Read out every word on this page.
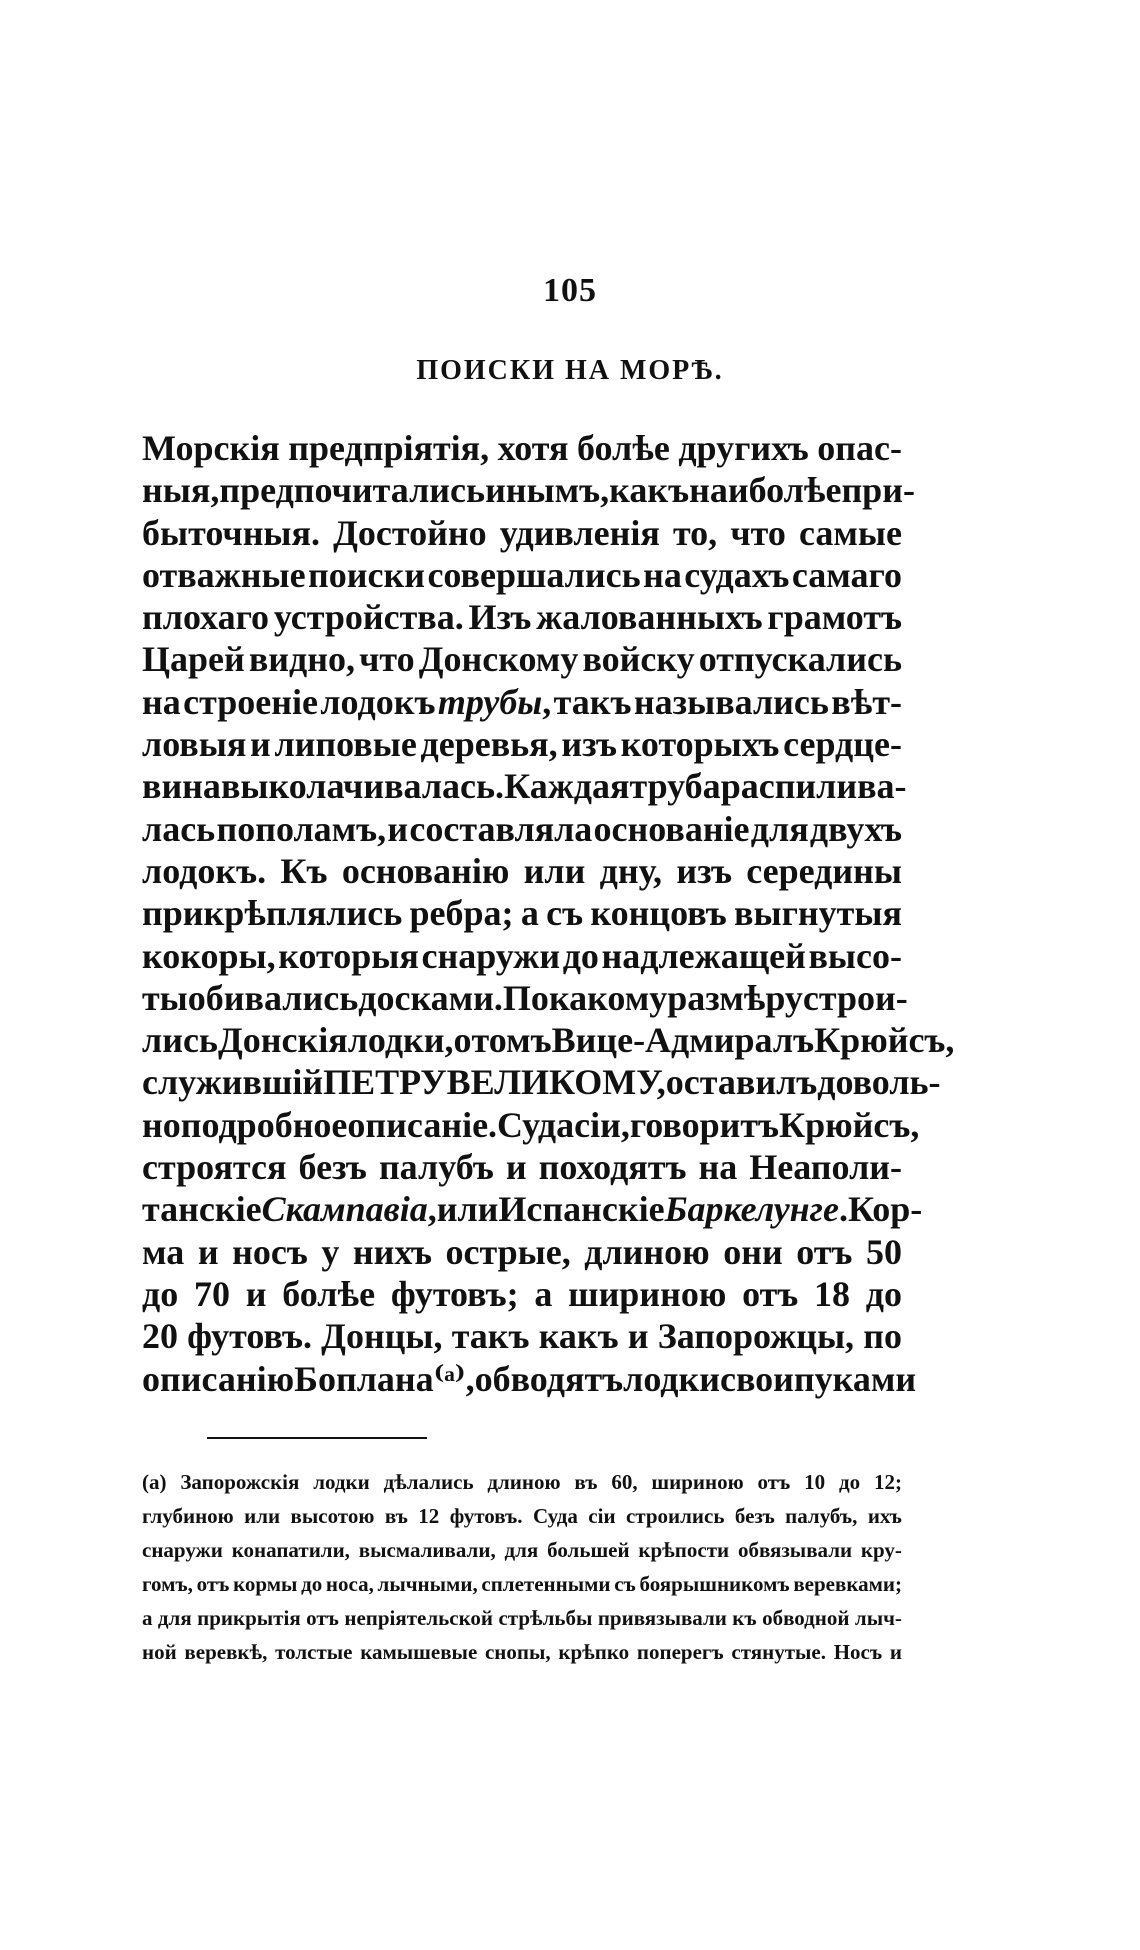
105
ПОИСКИ НА МОРѢ.
Морскія предпріятія, хотя болѣе другихъ опас-
ныя, предпочитались инымъ, какъ наиболѣе при-
быточныя. Достойно удивленія то, что самые
отважные поиски совершались на судахъ самаго
плохаго устройства. Изъ жалованныхъ грамотъ
Царей видно, что Донскому войску отпускались
на строеніе лодокъ трубы, такъ назывались вѣт-
ловыя и липовые деревья, изъ которыхъ сердце-
вина выколачивалась. Каждая труба распилива-
лась пополамъ, и составляла основаніе для двухъ
лодокъ. Къ основанію или дну, изъ середины
прикрѣплялись ребра; а съ концовъ выгнутыя
кокоры, которыя снаружи до надлежащей высо-
ты обивались досками. По какому размѣру строи-
лись Донскія лодки, о томъ Вице-Адмиралъ Крюйсъ,
служившій ПЕТРУ ВЕЛИКОМУ, оставилъ доволь-
но подробное описаніе. Суда сіи, говоритъ Крюйсъ,
строятся безъ палубъ и походятъ на Неаполи-
танскіе Скампавіа, или Испанскіе Баркелунге. Кор-
ма и носъ у нихъ острые, длиною они отъ 50
до 70 и болѣе футовъ; а шириною отъ 18 до
20 футовъ. Донцы, такъ какъ и Запорожцы, по
описанію Боплана ⁽ᵃ⁾, обводятъ лодки свои пуками
(а) Запорожскія лодки дѣлались длиною въ 60, шириною отъ 10 до 12;
глубиною или высотою въ 12 футовъ. Суда сіи строились безъ палубъ, ихъ
снаружи конапатили, высмаливали, для большей крѣпости обвязывали кру-
гомъ, отъ кормы до носа, лычными, сплетенными съ боярышникомъ веревками;
а для прикрытія отъ непріятельской стрѣльбы привязывали къ обводной лыч-
ной веревкѣ, толстые камышевые снопы, крѣпко поперегъ стянутые. Носъ и
